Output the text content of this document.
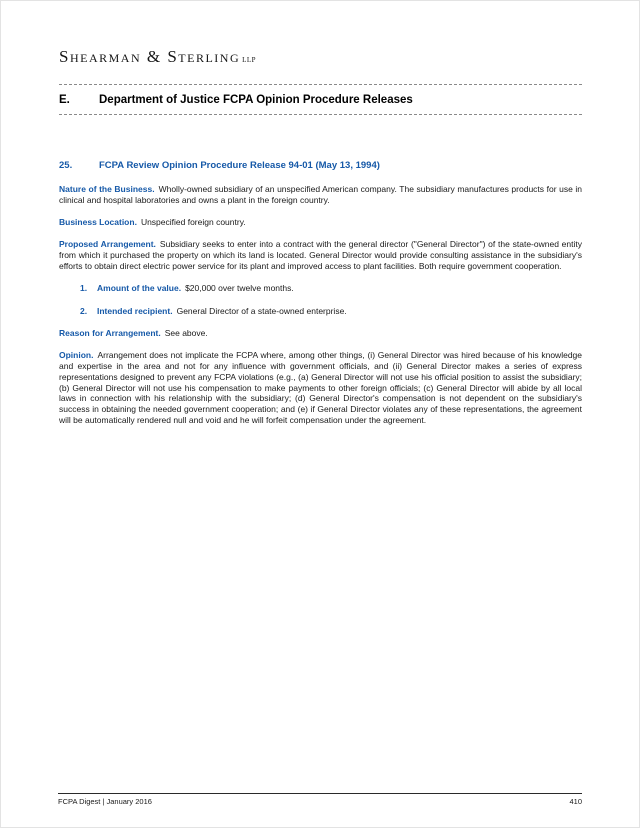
Shearman & Sterling LLP
E.	Department of Justice FCPA Opinion Procedure Releases
25.	FCPA Review Opinion Procedure Release 94-01 (May 13, 1994)

Nature of the Business. Wholly-owned subsidiary of an unspecified American company. The subsidiary manufactures products for use in clinical and hospital laboratories and owns a plant in the foreign country.

Business Location. Unspecified foreign country.

Proposed Arrangement. Subsidiary seeks to enter into a contract with the general director ("General Director") of the state-owned entity from which it purchased the property on which its land is located. General Director would provide consulting assistance in the subsidiary's efforts to obtain direct electric power service for its plant and improved access to plant facilities. Both require government cooperation.

1.	Amount of the value. $20,000 over twelve months.
2.	Intended recipient. General Director of a state-owned enterprise.

Reason for Arrangement. See above.

Opinion. Arrangement does not implicate the FCPA where, among other things, (i) General Director was hired because of his knowledge and expertise in the area and not for any influence with government officials, and (ii) General Director makes a series of express representations designed to prevent any FCPA violations (e.g., (a) General Director will not use his official position to assist the subsidiary; (b) General Director will not use his compensation to make payments to other foreign officials; (c) General Director will abide by all local laws in connection with his relationship with the subsidiary; (d) General Director's compensation is not dependent on the subsidiary's success in obtaining the needed government cooperation; and (e) if General Director violates any of these representations, the agreement will be automatically rendered null and void and he will forfeit compensation under the agreement.

FCPA Digest | January 2016	410
